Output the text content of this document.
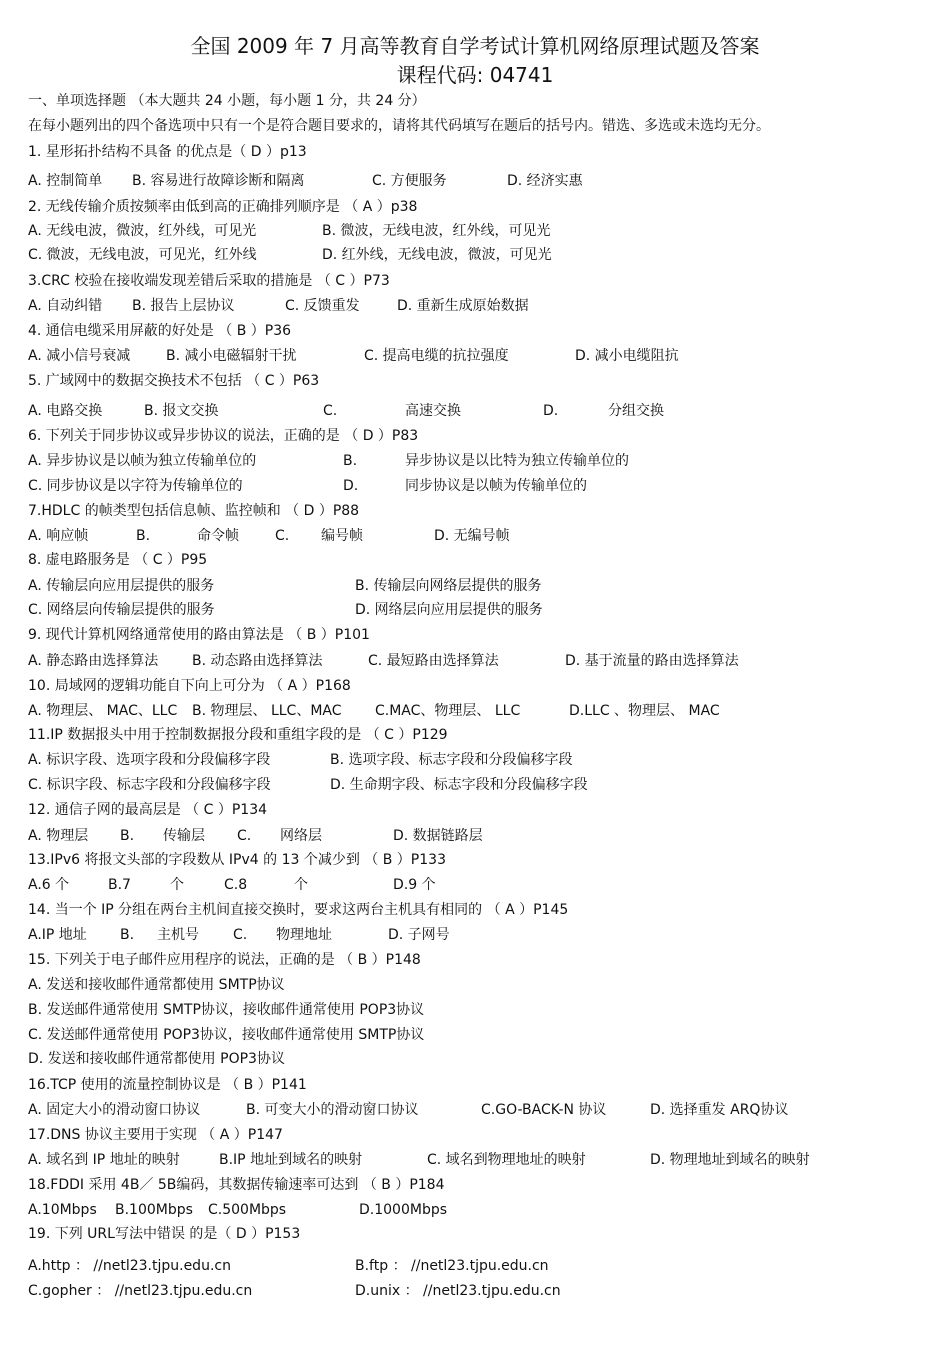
全国 2009 年 7 月高等教育自学考试计算机网络原理试题及答案
课程代码: 04741
一、单项选择题 （本大题共 24 小题，每小题 1 分，共 24 分）
在每小题列出的四个备选项中只有一个是符合题目要求的，请将其代码填写在题后的括号内。错选、多选或未选均无分。
1. 星形拓扑结构不具备 的优点是（ D ）p13
A. 控制简单 B. 容易进行故障诊断和隔离	C. 方便服务	D. 经济实惠
2. 无线传输介质按频率由低到高的正确排列顺序是 （ A ）p38
A. 无线电波，微波，红外线，可见光	B. 微波，无线电波，红外线，可见光
C. 微波，无线电波，可见光，红外线	D. 红外线，无线电波，微波，可见光
3.CRC 校验在接收端发现差错后采取的措施是 （ C ）P73
A. 自动纠错 B. 报告上层协议	C. 反馈重发	D. 重新生成原始数据
4. 通信电缆采用屏蔽的好处是 （ B ）P36
A. 减小信号衰减	B. 减小电磁辐射干扰	C. 提高电缆的抗拉强度	D. 减小电缆阻抗
5. 广域网中的数据交换技术不包括 （ C ）P63
A. 电路交换	B. 报文交换	C.	高速交换	D.	分组交换
6. 下列关于同步协议或异步协议的说法，正确的是 （ D ）P83
A. 异步协议是以帧为独立传输单位的	B.	异步协议是以比特为独立传输单位的
C. 同步协议是以字符为传输单位的	D.	同步协议是以帧为传输单位的
7.HDLC 的帧类型包括信息帧、监控帧和 （ D ）P88
A. 响应帧	B.	命令帧	C. 编号帧	D. 无编号帧
8. 虚电路服务是 （ C ）P95
A. 传输层向应用层提供的服务	B. 传输层向网络层提供的服务
C. 网络层向传输层提供的服务	D. 网络层向应用层提供的服务
9. 现代计算机网络通常使用的路由算法是 （ B ）P101
A. 静态路由选择算法 B. 动态路由选择算法	C. 最短路由选择算法	D. 基于流量的路由选择算法
10. 局域网的逻辑功能自下向上可分为 （ A ）P168
A. 物理层、 MAC、LLC B. 物理层、 LLC、MAC C.MAC、物理层、 LLC	D.LLC 、物理层、 MAC
11.IP 数据报头中用于控制数据报分段和重组字段的是 （ C ）P129
A. 标识字段、选项字段和分段偏移字段	B. 选项字段、标志字段和分段偏移字段
C. 标识字段、标志字段和分段偏移字段	D. 生命期字段、标志字段和分段偏移字段
12. 通信子网的最高层是 （ C ）P134
A. 物理层 B. 传输层 C. 网络层	D. 数据链路层
13.IPv6 将报文头部的字段数从 IPv4 的 13 个减少到 （ B ）P133
A.6 个	B.7	个	C.8	个	D.9 个
14. 当一个 IP 分组在两台主机间直接交换时，要求这两台主机具有相同的 （ A ）P145
A.IP 地址 B. 主机号 C. 物理地址	D. 子网号
15. 下列关于电子邮件应用程序的说法，正确的是 （ B ）P148
A. 发送和接收邮件通常都使用 SMTP协议
B. 发送邮件通常使用 SMTP协议，接收邮件通常使用 POP3协议
C. 发送邮件通常使用 POP3协议，接收邮件通常使用 SMTP协议
D. 发送和接收邮件通常都使用 POP3协议
16.TCP 使用的流量控制协议是 （ B ）P141
A. 固定大小的滑动窗口协议	B. 可变大小的滑动窗口协议	C.GO-BACK-N 协议	D. 选择重发 ARQ协议
17.DNS 协议主要用于实现 （ A ）P147
A. 域名到 IP 地址的映射	B.IP 地址到域名的映射	C. 域名到物理地址的映射	D. 物理地址到域名的映射
18.FDDI 采用 4B／ 5B编码，其数据传输速率可达到 （ B ）P184
A.10Mbps B.100Mbps C.500Mbps	D.1000Mbps
19. 下列 URL写法中错误 的是（ D ）P153
A.http ： //netl23.tjpu.edu.cn	B.ftp ： //netl23.tjpu.edu.cn
C.gopher ： //netl23.tjpu.edu.cn	D.unix ： //netl23.tjpu.edu.cn
